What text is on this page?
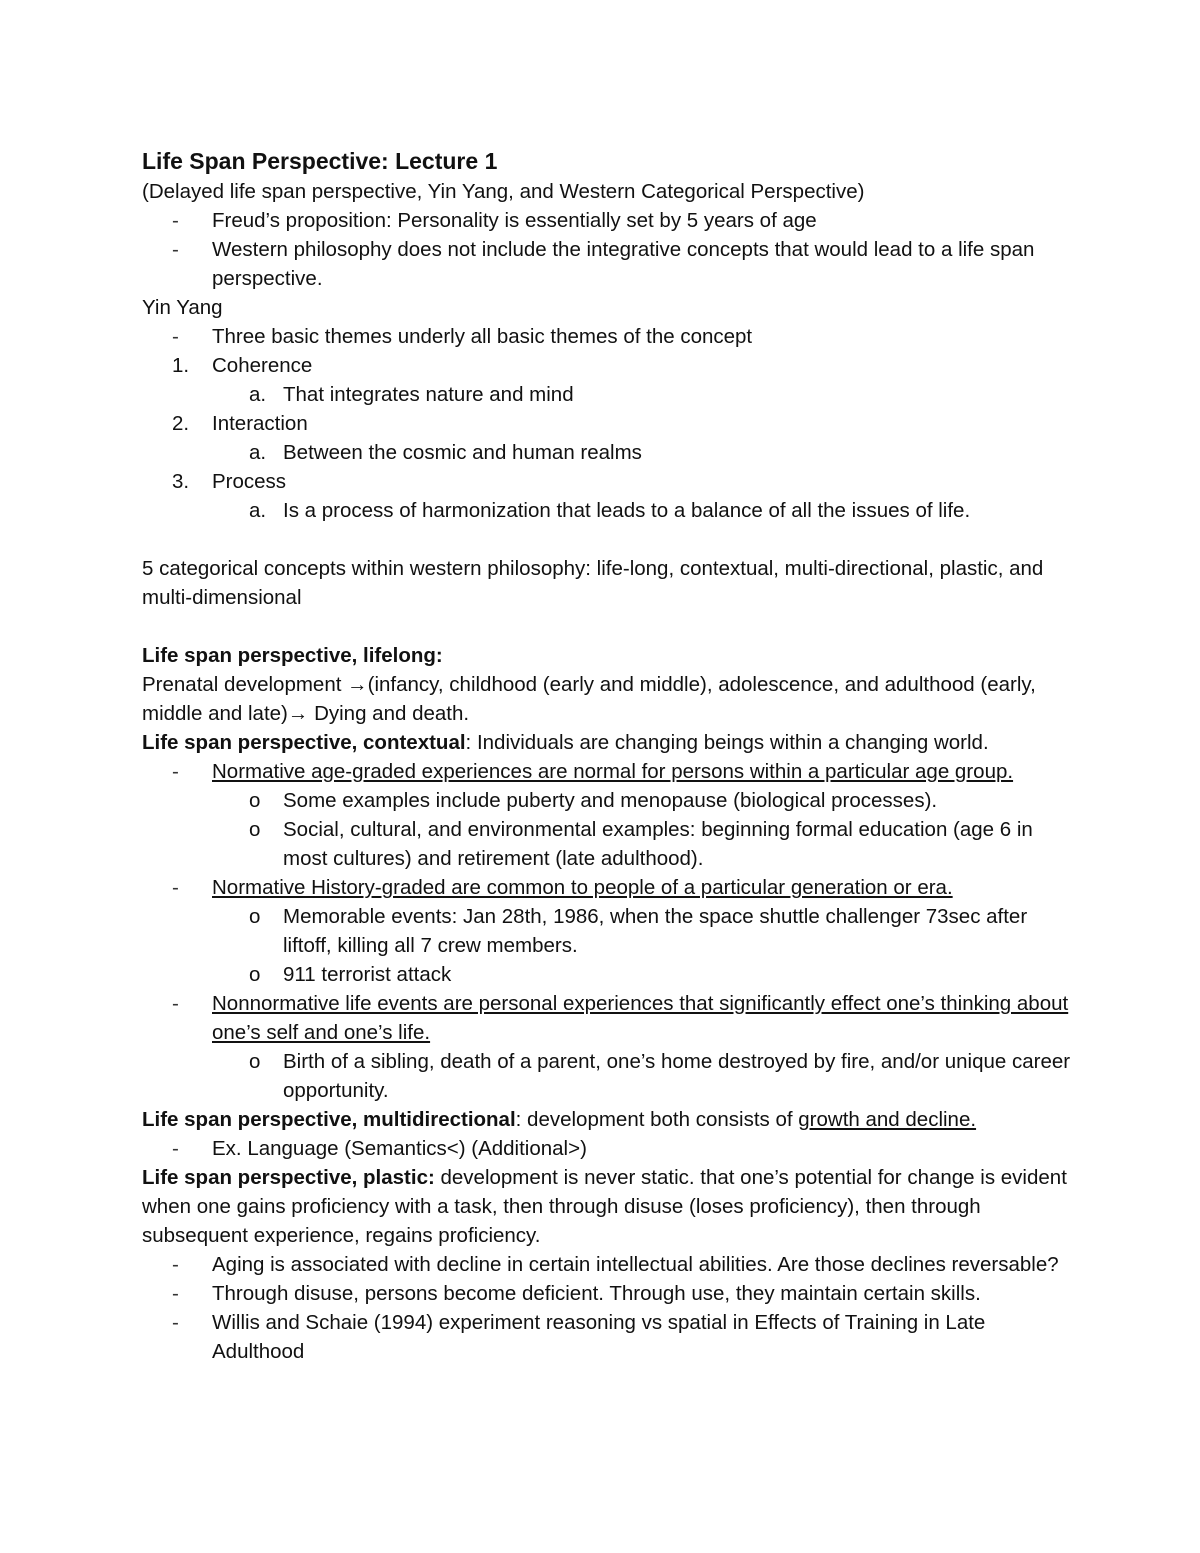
Life Span Perspective: Lecture 1
(Delayed life span perspective, Yin Yang, and Western Categorical Perspective)
- Freud’s proposition: Personality is essentially set by 5 years of age
- Western philosophy does not include the integrative concepts that would lead to a life span perspective.
Yin Yang
- Three basic themes underly all basic themes of the concept
1. Coherence
a. That integrates nature and mind
2. Interaction
a. Between the cosmic and human realms
3. Process
a. Is a process of harmonization that leads to a balance of all the issues of life.
5 categorical concepts within western philosophy: life-long, contextual, multi-directional, plastic, and multi-dimensional
Life span perspective, lifelong:
Prenatal development →(infancy, childhood (early and middle), adolescence, and adulthood (early, middle and late)→ Dying and death.
Life span perspective, contextual: Individuals are changing beings within a changing world.
- Normative age-graded experiences are normal for persons within a particular age group.
o Some examples include puberty and menopause (biological processes).
o Social, cultural, and environmental examples: beginning formal education (age 6 in most cultures) and retirement (late adulthood).
- Normative History-graded are common to people of a particular generation or era.
o Memorable events: Jan 28th, 1986, when the space shuttle challenger 73sec after liftoff, killing all 7 crew members.
o 911 terrorist attack
- Nonnormative life events are personal experiences that significantly effect one’s thinking about one’s self and one’s life.
o Birth of a sibling, death of a parent, one’s home destroyed by fire, and/or unique career opportunity.
Life span perspective, multidirectional: development both consists of growth and decline.
- Ex. Language (Semantics<) (Additional>)
Life span perspective, plastic: development is never static. that one’s potential for change is evident when one gains proficiency with a task, then through disuse (loses proficiency), then through subsequent experience, regains proficiency.
- Aging is associated with decline in certain intellectual abilities. Are those declines reversable?
- Through disuse, persons become deficient. Through use, they maintain certain skills.
- Willis and Schaie (1994) experiment reasoning vs spatial in Effects of Training in Late Adulthood
